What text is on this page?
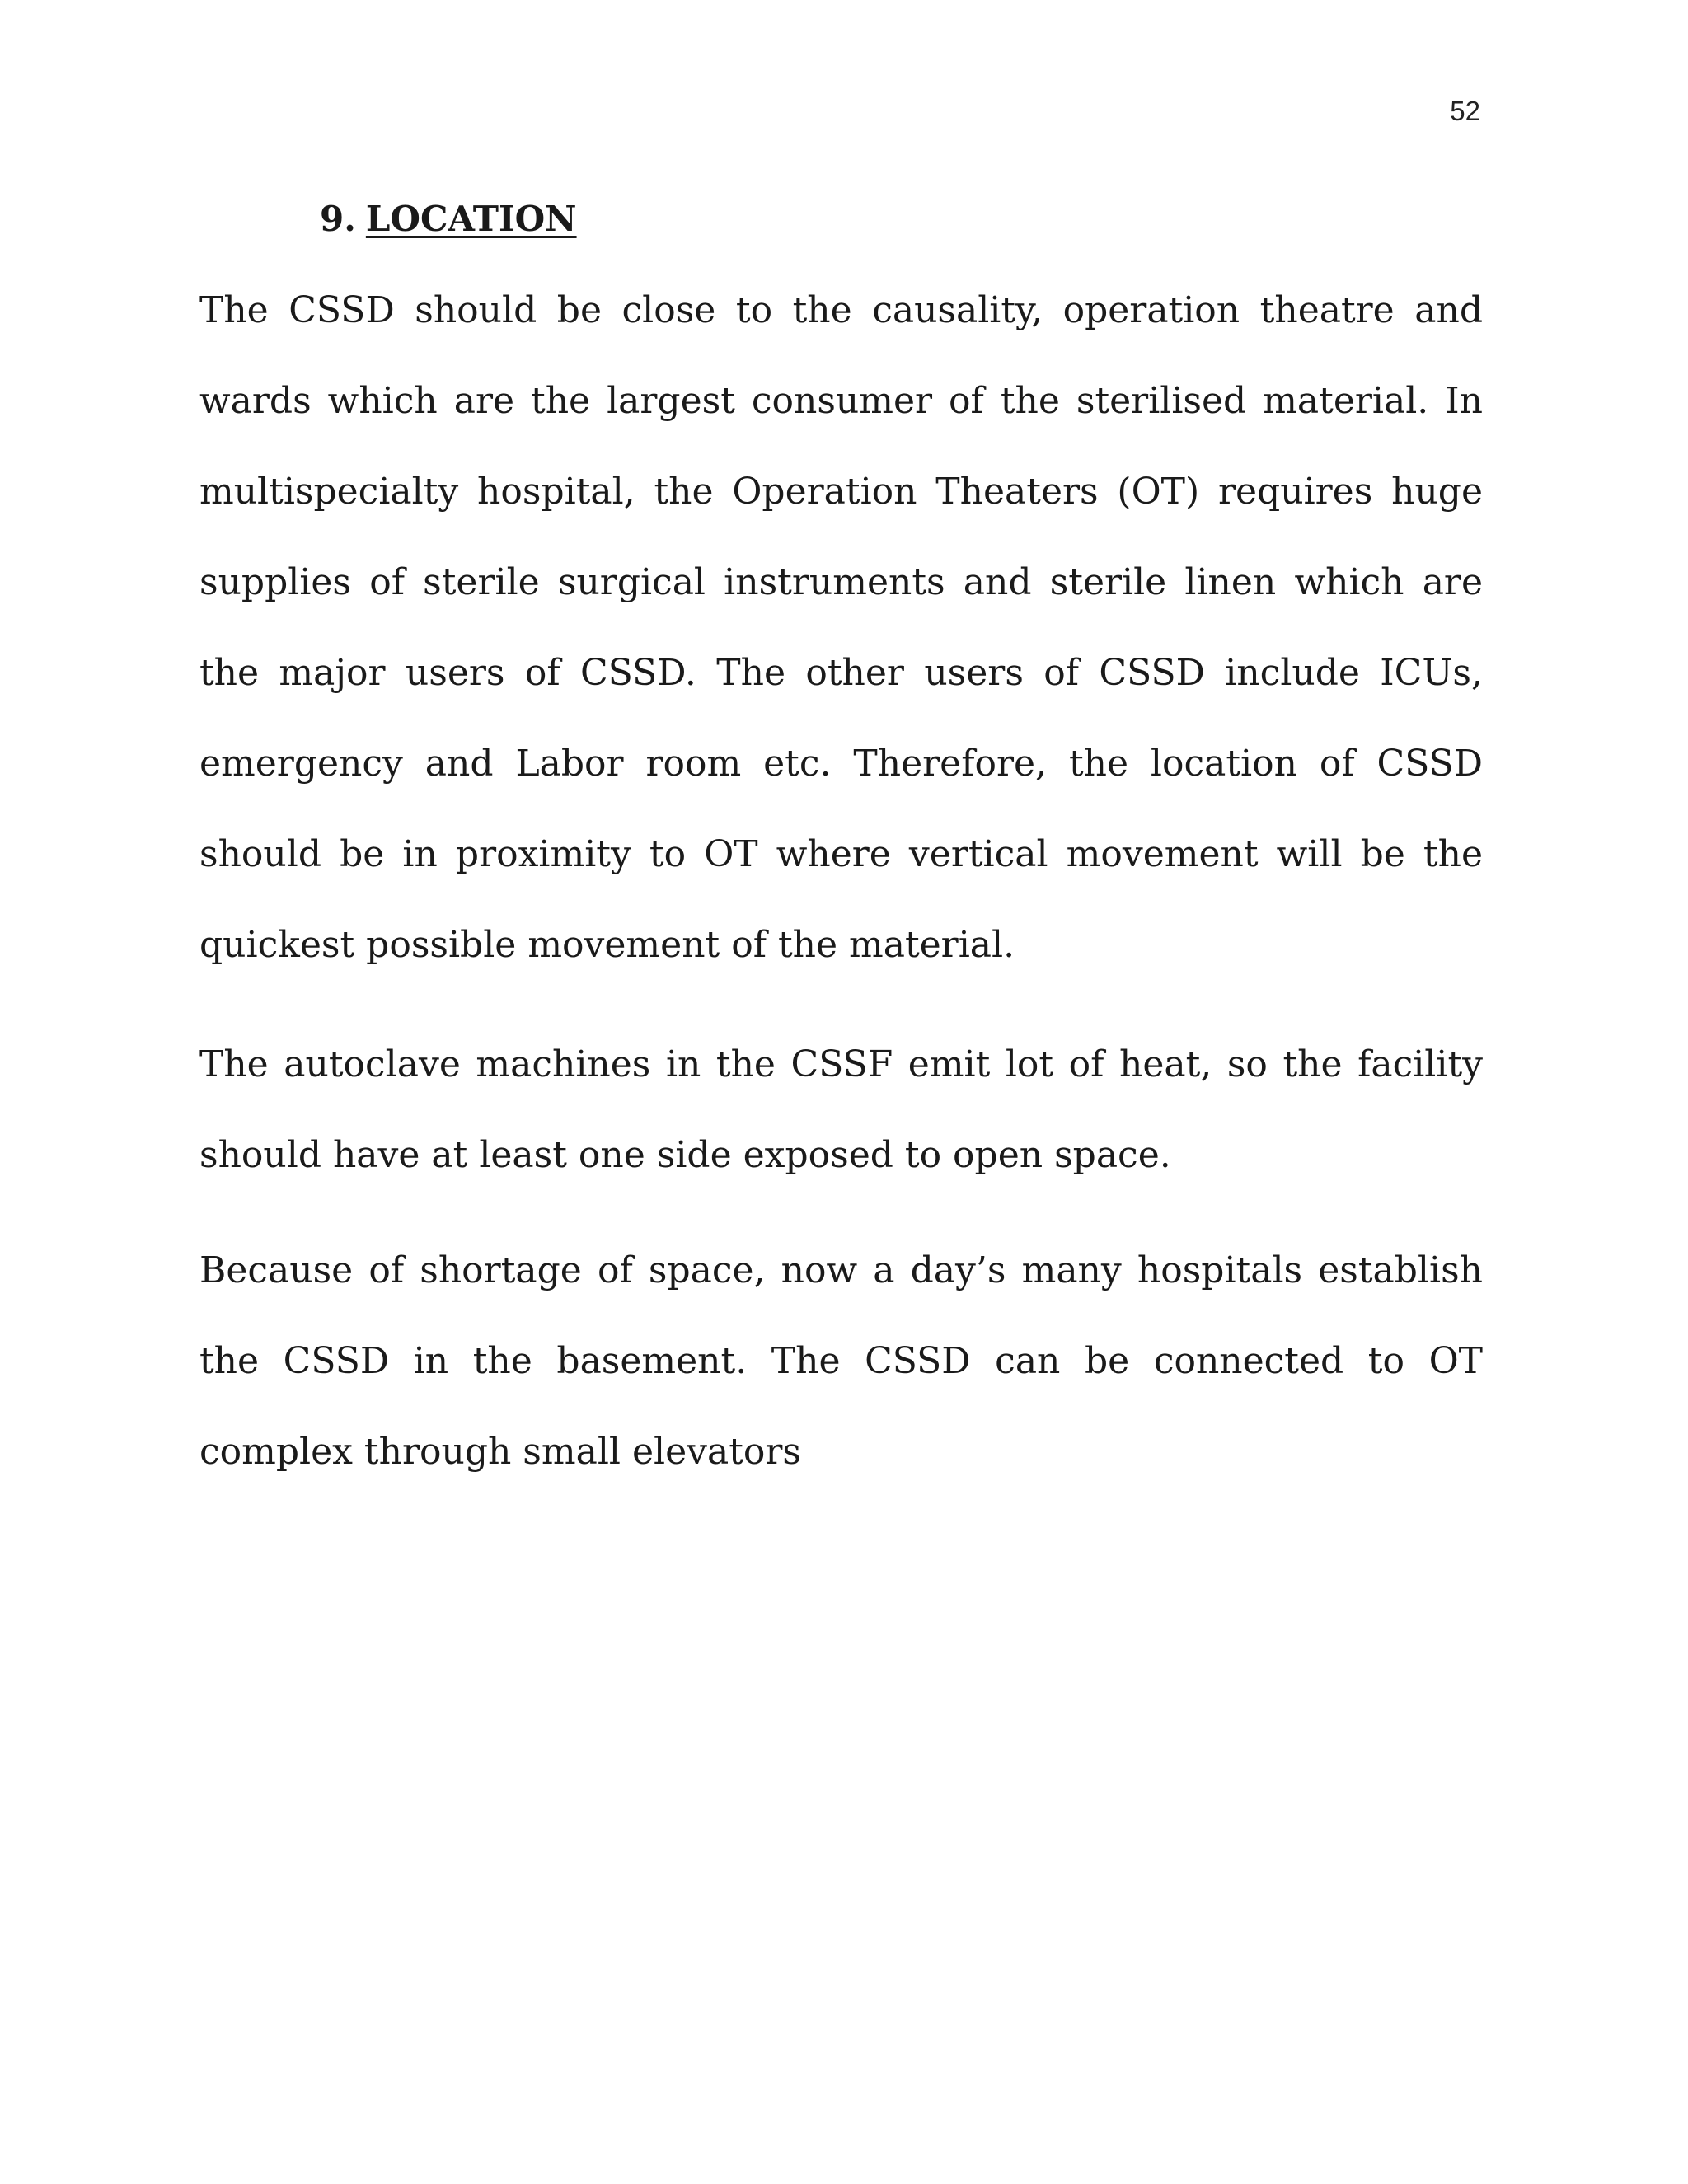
52
9. LOCATION

The CSSD should be close to the causality, operation theatre and wards which are the largest consumer of the sterilised material. In multispecialty hospital, the Operation Theaters (OT) requires huge supplies of sterile surgical instruments and sterile linen which are the major users of CSSD. The other users of CSSD include ICUs, emergency and Labor room etc. Therefore, the location of CSSD should be in proximity to OT where vertical movement will be the quickest possible movement of the material.

The autoclave machines in the CSSF emit lot of heat, so the facility should have at least one side exposed to open space.

Because of shortage of space, now a day’s many hospitals establish the CSSD in the basement. The CSSD can be connected to OT complex through small elevators
